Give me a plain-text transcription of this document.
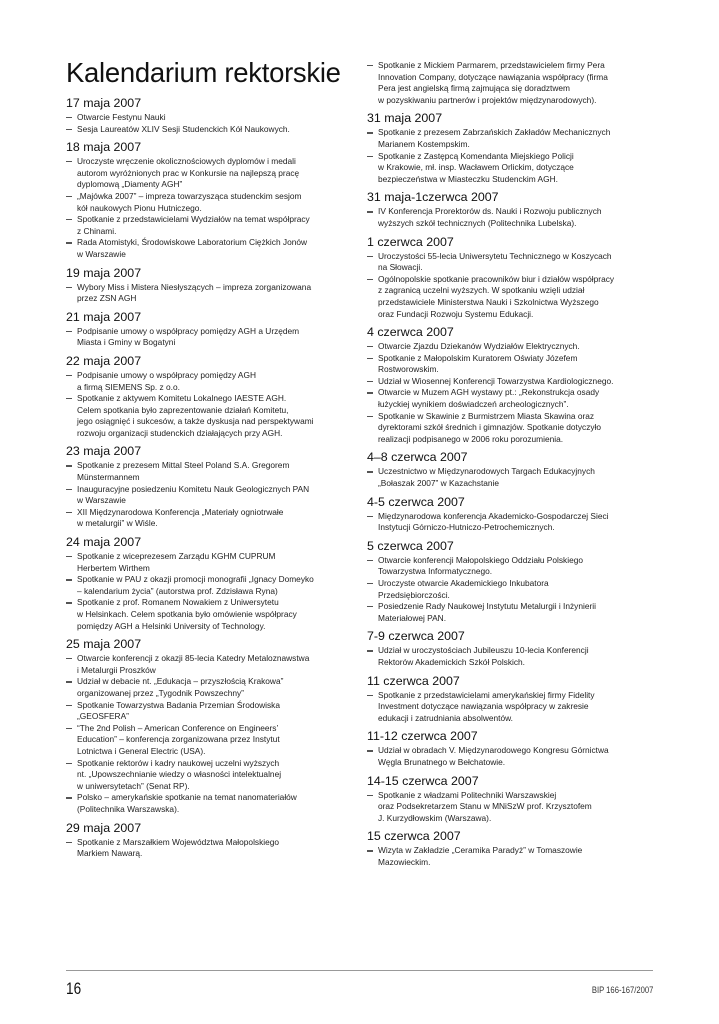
Kalendarium rektorskie
17 maja 2007
Otwarcie Festynu Nauki
Sesja Laureatów XLIV Sesji Studenckich Kół Naukowych.
18 maja 2007
Uroczyste wręczenie okolicznościowych dyplomów i medali
autorom wyróżnionych prac w Konkursie na najlepszą pracę
dyplomową „Diamenty AGH”
„Majówka 2007” – impreza towarzysząca studenckim sesjom
kół naukowych Pionu Hutniczego.
Spotkanie z przedstawicielami Wydziałów na temat współpracy
z Chinami.
Rada Atomistyki, Środowiskowe Laboratorium Ciężkich Jonów
w Warszawie
19 maja 2007
Wybory Miss i Mistera Niesłyszących – impreza zorganizowana
przez ZSN AGH
21 maja 2007
Podpisanie umowy o współpracy pomiędzy AGH a Urzędem
Miasta i Gminy w Bogatyni
22 maja 2007
Podpisanie umowy o współpracy pomiędzy AGH
a firmą SIEMENS Sp. z o.o.
Spotkanie z aktywem Komitetu Lokalnego IAESTE AGH.
Celem spotkania było zaprezentowanie działań Komitetu,
jego osiągnięć i sukcesów, a także dyskusja nad perspektywami
rozwoju organizacji studenckich działających przy AGH.
23 maja 2007
Spotkanie z prezesem Mittal Steel Poland S.A. Gregorem
Münstermannem
Inauguracyjne posiedzeniu Komitetu Nauk Geologicznych PAN
w Warszawie
XII Międzynarodowa Konferencja „Materiały ogniotrwałe
w metalurgii” w Wiśle.
24 maja 2007
Spotkanie z wiceprezesem Zarządu KGHM CUPRUM
Herbertem Wirthem
Spotkanie w PAU z okazji promocji monografii „Ignacy Domeyko
– kalendarium życia” (autorstwa prof. Zdzisława Ryna)
Spotkanie z prof. Romanem Nowakiem z Uniwersytetu
w Helsinkach. Celem spotkania było omówienie współpracy
pomiędzy AGH a Helsinki University of Technology.
25 maja 2007
Otwarcie konferencji z okazji 85-lecia Katedry Metaloznawstwa
i Metalurgii Proszków
Udział w debacie nt. „Edukacja – przyszłością Krakowa”
organizowanej przez „Tygodnik Powszechny”
Spotkanie Towarzystwa Badania Przemian Środowiska
„GEOSFERA”
“The 2nd Polish – American Conference on Engineers’
Education” – konferencja zorganizowana przez Instytut
Lotnictwa i General Electric (USA).
Spotkanie rektorów i kadry naukowej uczelni wyższych
nt. „Upowszechnianie wiedzy o własności intelektualnej
w uniwersytetach” (Senat RP).
Polsko – amerykańskie spotkanie na temat nanomateriałów
(Politechnika Warszawska).
29 maja 2007
Spotkanie z Marszałkiem Województwa Małopolskiego
Markiem Nawarą.
Spotkanie z Mickiem Parmarem, przedstawicielem firmy Pera
Innovation Company, dotyczące nawiązania współpracy (firma
Pera jest angielską firmą zajmująca się doradztwem
w pozyskiwaniu partnerów i projektów międzynarodowych).
31 maja 2007
Spotkanie z prezesem Zabrzańskich Zakładów Mechanicznych
Marianem Kostempskim.
Spotkanie z Zastępcą Komendanta Miejskiego Policji
w Krakowie, mł. insp. Wacławem Orlickim, dotyczące
bezpieczeństwa w Miasteczku Studenckim AGH.
31 maja-1czerwca 2007
IV Konferencja Prorektorów ds. Nauki i Rozwoju publicznych
wyższych szkół technicznych (Politechnika Lubelska).
1 czerwca 2007
Uroczystości 55-lecia Uniwersytetu Technicznego w Koszycach
na Słowacji.
Ogólnopolskie spotkanie pracowników biur i działów współpracy
z zagranicą uczelni wyższych. W spotkaniu wzięli udział
przedstawiciele Ministerstwa Nauki i Szkolnictwa Wyższego
oraz Fundacji Rozwoju Systemu Edukacji.
4 czerwca 2007
Otwarcie Zjazdu Dziekanów Wydziałów Elektrycznych.
Spotkanie z Małopolskim Kuratorem Oświaty Józefem
Rostworowskim.
Udział w Wiosennej Konferencji Towarzystwa Kardiologicznego.
Otwarcie w Muzem AGH wystawy pt.: „Rekonstrukcja osady
łużyckiej wynikiem doświadczeń archeologicznych”.
Spotkanie w Skawinie z Burmistrzem Miasta Skawina oraz
dyrektorami szkół średnich i gimnazjów. Spotkanie dotyczyło
realizacji podpisanego w 2006 roku porozumienia.
4–8 czerwca 2007
Uczestnictwo w Międzynarodowych Targach Edukacyjnych
„Bołaszak 2007” w Kazachstanie
4-5 czerwca 2007
Międzynarodowa konferencja Akademicko-Gospodarczej Sieci
Instytucji Górniczo-Hutniczo-Petrochemicznych.
5 czerwca 2007
Otwarcie konferencji Małopolskiego Oddziału Polskiego
Towarzystwa Informatycznego.
Uroczyste otwarcie Akademickiego Inkubatora
Przedsiębiorczości.
Posiedzenie Rady Naukowej Instytutu Metalurgii i Inżynierii
Materiałowej PAN.
7-9 czerwca 2007
Udział w uroczystościach Jubileuszu 10-lecia Konferencji
Rektorów Akademickich Szkół Polskich.
11 czerwca 2007
Spotkanie z przedstawicielami amerykańskiej firmy Fidelity
Investment dotyczące nawiązania współpracy w zakresie
edukacji i zatrudniania absolwentów.
11-12 czerwca 2007
Udział w obradach V. Międzynarodowego Kongresu Górnictwa
Węgla Brunatnego w Bełchatowie.
14-15 czerwca 2007
Spotkanie z władzami Politechniki Warszawskiej
oraz Podsekretarzem Stanu w MNiSzW prof. Krzysztofem
J. Kurzydłowskim (Warszawa).
15 czerwca 2007
Wizyta w Zakładzie „Ceramika Paradyż” w Tomaszowie
Mazowieckim.
16	BIP 166-167/2007
